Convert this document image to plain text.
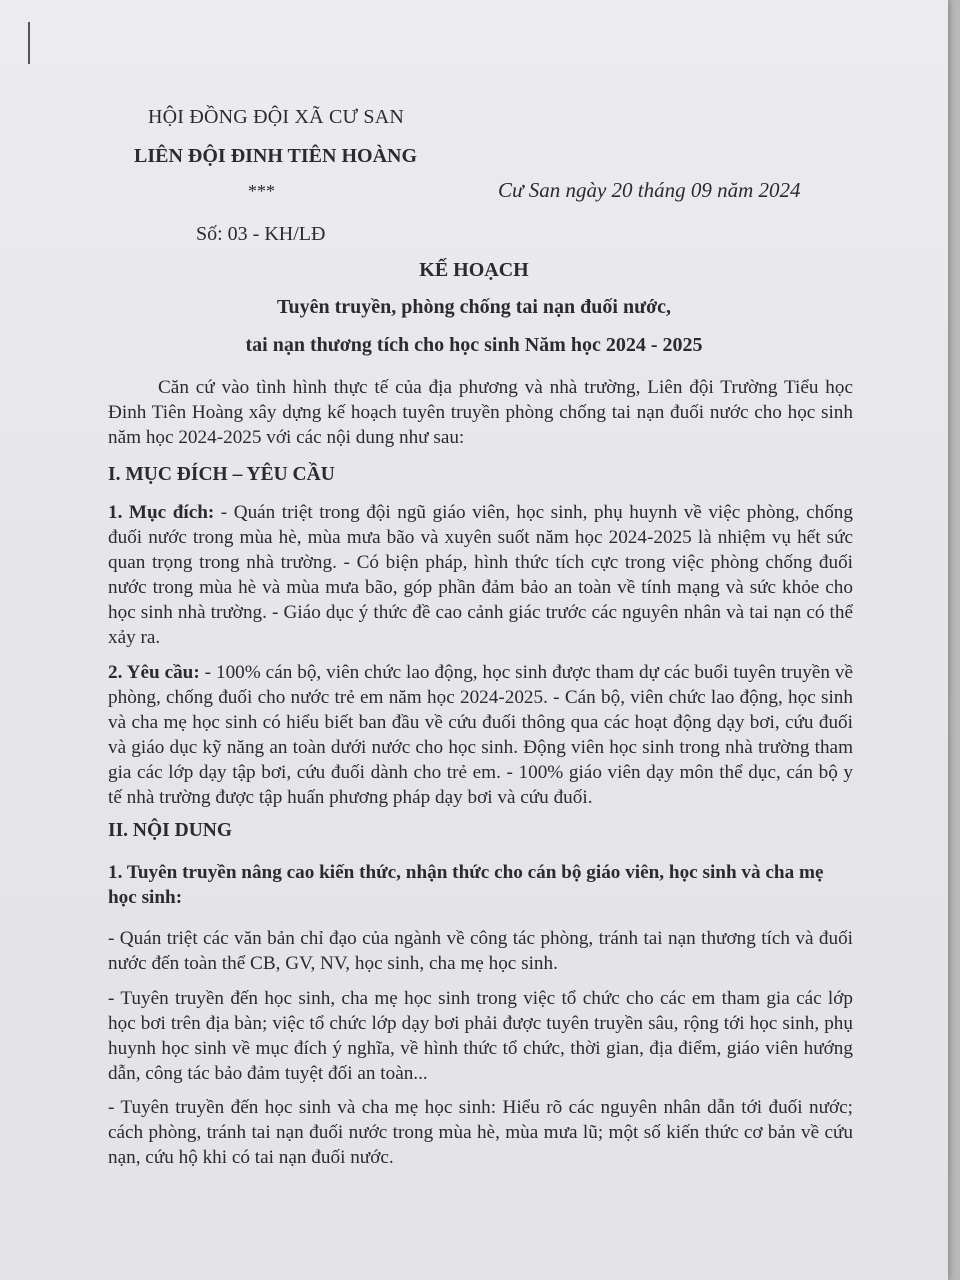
HỘI ĐỒNG ĐỘI XÃ CƯ SAN
LIÊN ĐỘI ĐINH TIÊN HOÀNG
***	Cư San ngày 20 tháng 09 năm 2024
Số: 03 - KH/LĐ
KẾ HOẠCH
Tuyên truyền, phòng chống tai nạn đuối nước,
tai nạn thương tích cho học sinh Năm học 2024 - 2025
Căn cứ vào tình hình thực tế của địa phương và nhà trường, Liên đội Trường Tiểu học Đinh Tiên Hoàng xây dựng kế hoạch tuyên truyền phòng chống tai nạn đuối nước cho học sinh năm học 2024-2025 với các nội dung như sau:
I. MỤC ĐÍCH – YÊU CẦU
1. Mục đích: - Quán triệt trong đội ngũ giáo viên, học sinh, phụ huynh về việc phòng, chống đuối nước trong mùa hè, mùa mưa bão và xuyên suốt năm học 2024-2025 là nhiệm vụ hết sức quan trọng trong nhà trường. - Có biện pháp, hình thức tích cực trong việc phòng chống đuối nước trong mùa hè và mùa mưa bão, góp phần đảm bảo an toàn về tính mạng và sức khỏe cho học sinh nhà trường. - Giáo dục ý thức đề cao cảnh giác trước các nguyên nhân và tai nạn có thể xảy ra.
2. Yêu cầu: - 100% cán bộ, viên chức lao động, học sinh được tham dự các buổi tuyên truyền về phòng, chống đuối cho nước trẻ em năm học 2024-2025. - Cán bộ, viên chức lao động, học sinh và cha mẹ học sinh có hiểu biết ban đầu về cứu đuối thông qua các hoạt động dạy bơi, cứu đuối và giáo dục kỹ năng an toàn dưới nước cho học sinh. Động viên học sinh trong nhà trường tham gia các lớp dạy tập bơi, cứu đuối dành cho trẻ em. - 100% giáo viên dạy môn thể dục, cán bộ y tế nhà trường được tập huấn phương pháp dạy bơi và cứu đuối.
II. NỘI DUNG
1. Tuyên truyền nâng cao kiến thức, nhận thức cho cán bộ giáo viên, học sinh và cha mẹ học sinh:
- Quán triệt các văn bản chỉ đạo của ngành về công tác phòng, tránh tai nạn thương tích và đuối nước đến toàn thể CB, GV, NV, học sinh, cha mẹ học sinh.
- Tuyên truyền đến học sinh, cha mẹ học sinh trong việc tổ chức cho các em tham gia các lớp học bơi trên địa bàn; việc tổ chức lớp dạy bơi phải được tuyên truyền sâu, rộng tới học sinh, phụ huynh học sinh về mục đích ý nghĩa, về hình thức tổ chức, thời gian, địa điểm, giáo viên hướng dẫn, công tác bảo đảm tuyệt đối an toàn...
- Tuyên truyền đến học sinh và cha mẹ học sinh: Hiểu rõ các nguyên nhân dẫn tới đuối nước; cách phòng, tránh tai nạn đuối nước trong mùa hè, mùa mưa lũ; một số kiến thức cơ bản về cứu nạn, cứu hộ khi có tai nạn đuối nước.
